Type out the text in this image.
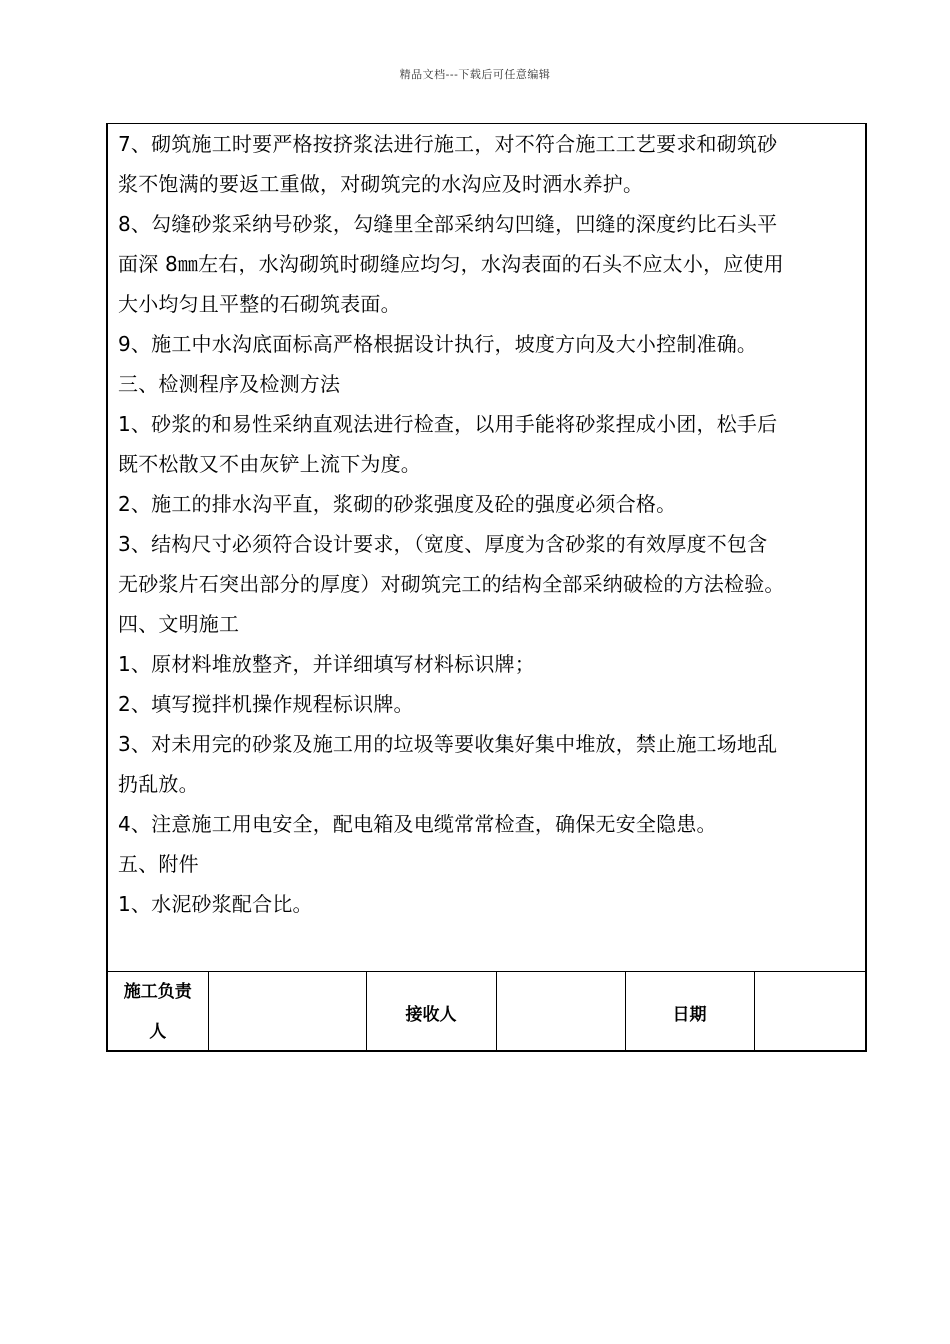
精品文档---下载后可任意编辑
7、砌筑施工时要严格按挤浆法进行施工，对不符合施工工艺要求和砌筑砂
浆不饱满的要返工重做，对砌筑完的水沟应及时洒水养护。
8、勾缝砂浆采纳号砂浆，勾缝里全部采纳勾凹缝，凹缝的深度约比石头平
面深 8㎜左右，水沟砌筑时砌缝应均匀，水沟表面的石头不应太小，应使用
大小均匀且平整的石砌筑表面。
9、施工中水沟底面标高严格根据设计执行，坡度方向及大小控制准确。
三、检测程序及检测方法
1、砂浆的和易性采纳直观法进行检查，以用手能将砂浆捏成小团，松手后
既不松散又不由灰铲上流下为度。
2、施工的排水沟平直，浆砌的砂浆强度及砼的强度必须合格。
3、结构尺寸必须符合设计要求，（宽度、厚度为含砂浆的有效厚度不包含
无砂浆片石突出部分的厚度）对砌筑完工的结构全部采纳破检的方法检验。
四、文明施工
1、原材料堆放整齐，并详细填写材料标识牌；
2、填写搅拌机操作规程标识牌。
3、对未用完的砂浆及施工用的垃圾等要收集好集中堆放，禁止施工场地乱
扔乱放。
4、注意施工用电安全，配电箱及电缆常常检查，确保无安全隐患。
五、附件
1、水泥砂浆配合比。
施工负责
人
		接收人		日期	
